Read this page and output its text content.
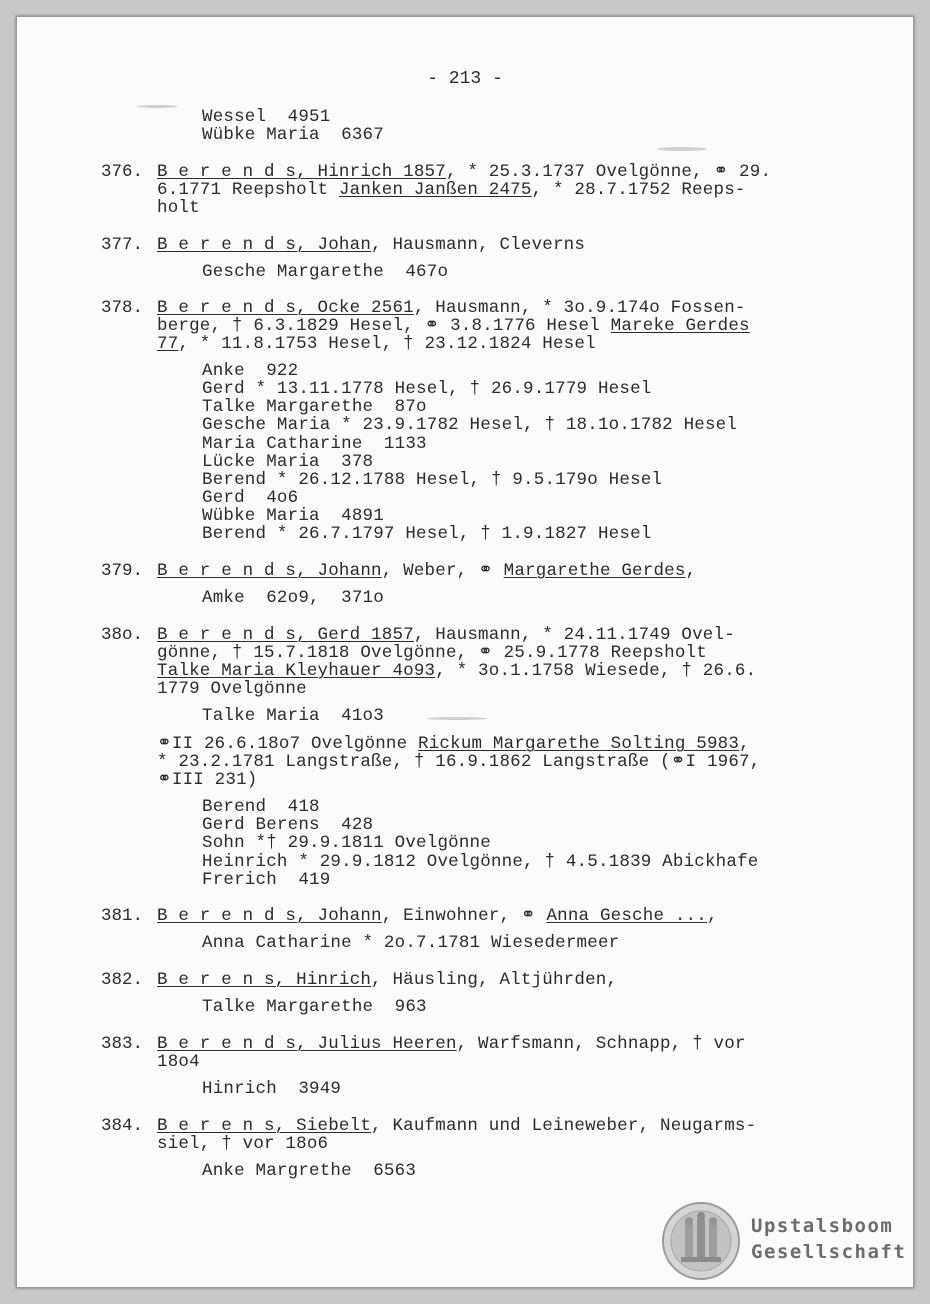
- 213 -
Wessel  4951
Wübke Maria  6367
376. B e r e n d s, Hinrich 1857, * 25.3.1737 Ovelgönne, ⚭ 29.
6.1771 Reepsholt Janken Janßen 2475, * 28.7.1752 Reeps-
holt
377. B e r e n d s, Johan, Hausmann, Cleverns
Gesche Margarethe  467o
378. B e r e n d s, Ocke 2561, Hausmann, * 3o.9.174o Fossen-
berge, † 6.3.1829 Hesel, ⚭ 3.8.1776 Hesel Mareke Gerdes
77, * 11.8.1753 Hesel, † 23.12.1824 Hesel
Anke  922
Gerd * 13.11.1778 Hesel, † 26.9.1779 Hesel
Talke Margarethe  87o
Gesche Maria * 23.9.1782 Hesel, † 18.1o.1782 Hesel
Maria Catharine  1133
Lücke Maria  378
Berend * 26.12.1788 Hesel, † 9.5.179o Hesel
Gerd  4o6
Wübke Maria  4891
Berend * 26.7.1797 Hesel, † 1.9.1827 Hesel
379. B e r e n d s, Johann, Weber, ⚭ Margarethe Gerdes,
Amke  62o9,  371o
38o. B e r e n d s, Gerd 1857, Hausmann, * 24.11.1749 Ovel-
gönne, † 15.7.1818 Ovelgönne, ⚭ 25.9.1778 Reepsholt
Talke Maria Kleyhauer 4o93, * 3o.1.1758 Wiesede, † 26.6.
1779 Ovelgönne
Talke Maria  41o3
⚭II 26.6.18o7 Ovelgönne Rickum Margarethe Solting 5983,
* 23.2.1781 Langstraße, † 16.9.1862 Langstraße (⚭I 1967,
⚭III 231)
Berend  418
Gerd Berens  428
Sohn *† 29.9.1811 Ovelgönne
Heinrich * 29.9.1812 Ovelgönne, † 4.5.1839 Abickhafe
Frerich  419
381. B e r e n d s, Johann, Einwohner, ⚭ Anna Gesche ...,
Anna Catharine * 2o.7.1781 Wiesedermeer
382. B e r e n s, Hinrich, Häusling, Altjührden,
Talke Margarethe  963
383. B e r e n d s, Julius Heeren, Warfsmann, Schnapp, † vor
18o4
Hinrich  3949
384. B e r e n s, Siebelt, Kaufmann und Leineweber, Neugarms-
siel, † vor 18o6
Anke Margrethe  6563
Upstalsboom
Gesellschaft
